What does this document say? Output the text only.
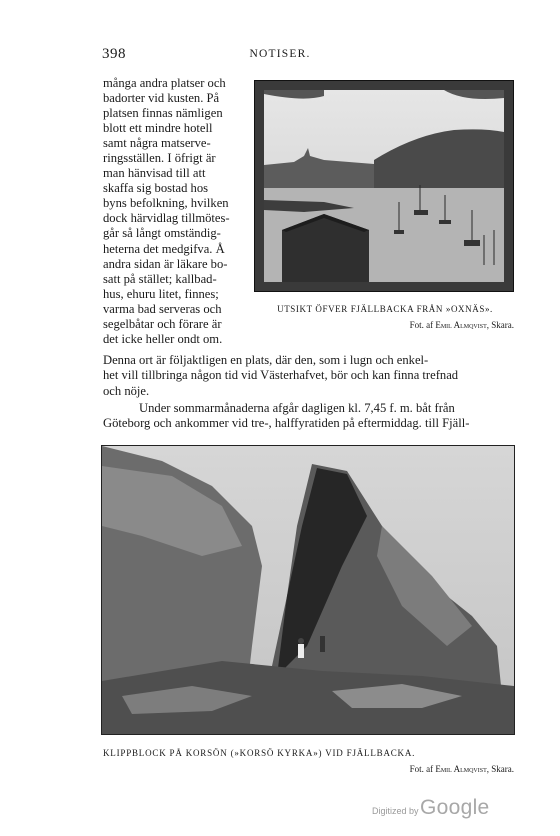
398	NOTISER.
många andra platser och
badorter vid kusten. På
platsen finnas nämligen
blott ett mindre hotell
samt några matserve-
ringsställen. I öfrigt är
man hänvisad till att
skaffa sig bostad hos
byns befolkning, hvilken
dock härvidlag tillmötes-
går så långt omständig-
heterna det medgifva. Å
andra sidan är läkare bo-
satt på stället; kallbad-
hus, ehuru litet, finnes;
varma bad serveras och
segelbåtar och förare är
det icke heller ondt om.
UTSIKT ÖFVER FJÄLLBACKA FRÅN »OXNÄS».
Fot. af Emil Almqvist, Skara.
Denna ort är följaktligen en plats, där den, som i lugn och enkel-
het vill tillbringa någon tid vid Västerhafvet, bör och kan finna trefnad
och nöje.
Under sommarmånaderna afgår dagligen kl. 7,45 f. m. båt från
Göteborg och ankommer vid tre-, halffyratiden på eftermiddag. till Fjäll-
KLIPPBLOCK PÅ KORSÖN (»KORSÖ KYRKA») VID FJÄLLBACKA.
Fot. af Emil Almqvist, Skara.
Digitized by Google
